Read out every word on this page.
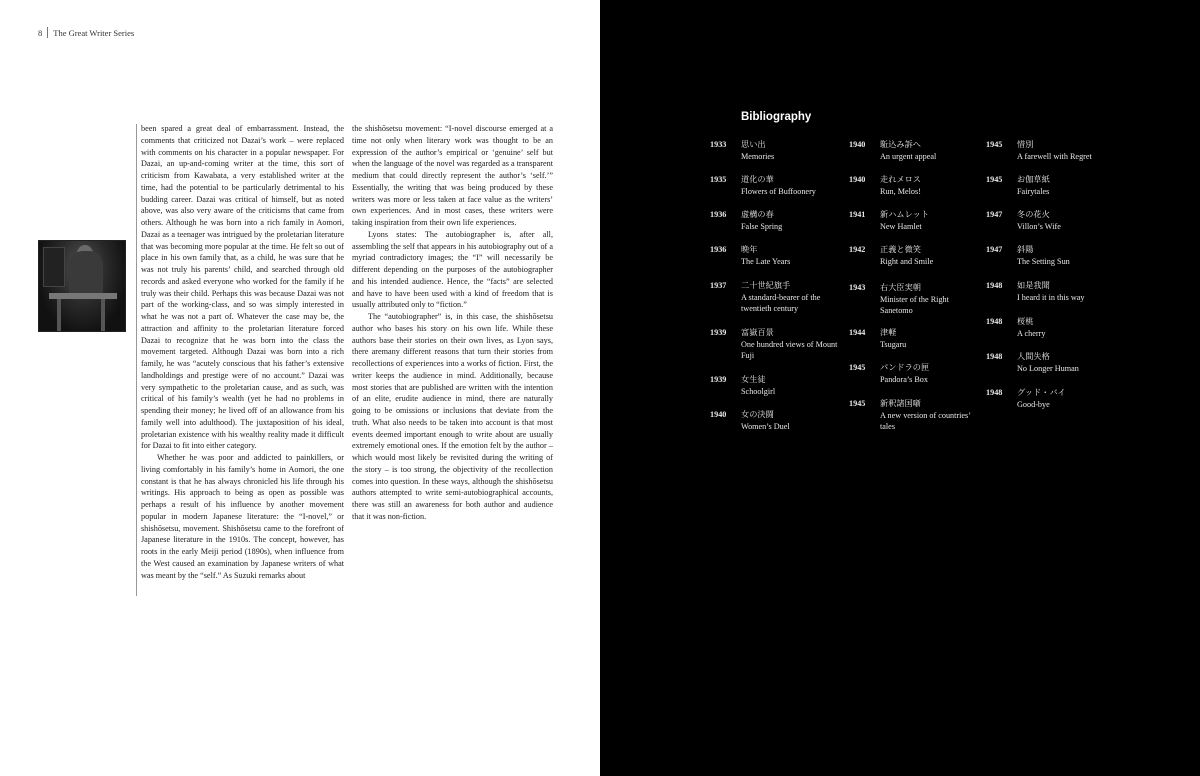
8 The Great Writer Series

been spared a great deal of embarrassment. Instead, the comments that criticized not Dazai’s work – were replaced with comments on his character in a popular newspaper. For Dazai, an up-and-coming writer at the time, this sort of criticism from Kawabata, a very established writer at the time, had the potential to be particularly detrimental to his budding career. Dazai was critical of himself, but as noted above, was also very aware of the criticisms that came from others. Although he was born into a rich family in Aomori, Dazai as a teenager was intrigued by the proletarian literature that was becoming more popular at the time. He felt so out of place in his own family that, as a child, he was sure that he was not truly his parents’ child, and searched through old records and asked everyone who worked for the family if he truly was their child. Perhaps this was because Dazai was not part of the working-class, and so was simply interested in what he was not a part of. Whatever the case may be, the attraction and affinity to the proletarian literature forced Dazai to recognize that he was born into the class the movement targeted. Although Dazai was born into a rich family, he was “acutely conscious that his father’s extensive landholdings and prestige were of no account.” Dazai was very sympathetic to the proletarian cause, and as such, was critical of his family’s wealth (yet he had no problems in spending their money; he lived off of an allowance from his family well into adulthood). The juxtaposition of his ideal, proletarian existence with his wealthy reality made it difficult for Dazai to fit into either category.

Whether he was poor and addicted to painkillers, or living comfortably in his family’s home in Aomori, the one constant is that he has always chronicled his life through his writings. His approach to being as open as possible was perhaps a result of his influence by another movement popular in modern Japanese literature: the “I-novel,” or shishōsetsu, movement. Shishōsetsu came to the forefront of Japanese literature in the 1910s. The concept, however, has roots in the early Meiji period (1890s), when influence from the West caused an examination by Japanese writers of what was meant by the “self.” As Suzuki remarks about

the shishōsetsu movement: “I-novel discourse emerged at a time not only when literary work was thought to be an expression of the author’s empirical or ‘genuine’ self but when the language of the novel was regarded as a transparent medium that could directly represent the author’s ‘self.’” Essentially, the writing that was being produced by these writers was more or less taken at face value as the writers’ own experiences. And in most cases, these writers were taking inspiration from their own life experiences.

Lyons states: The autobiographer is, after all, assembling the self that appears in his autobiography out of a myriad contradictory images; the “I” will necessarily be different depending on the purposes of the autobiographer and his intended audience. Hence, the “facts” are selected and have to have been used with a kind of freedom that is usually attributed only to “fiction.”

The “autobiographer” is, in this case, the shishōsetsu author who bases his story on his own life. While these authors base their stories on their own lives, as Lyon says, there aremany different reasons that turn their stories from recollections of experiences into a works of fiction. First, the writer keeps the audience in mind. Additionally, because most stories that are published are written with the intention of an elite, erudite audience in mind, there are naturally going to be omissions or inclusions that deviate from the truth. What also needs to be taken into account is that most events deemed important enough to write about are usually extremely emotional ones. If the emotion felt by the author – which would most likely be revisited during the writing of the story – is too strong, the objectivity of the recollection comes into question. In these ways, although the shishōsetsu authors attempted to write semi-autobiographical accounts, there was still an awareness for both author and audience that it was non-fiction.

Bibliography
1933	思い出
Memories
1935	道化の華
Flowers of Buffoonery
1936	虚構の春
False Spring
1936	晩年
The Late Years
1937	二十世紀旗手
A standard-bearer of the twentieth century
1939	富嶽百景
One hundred views of Mount Fuji
1939	女生徒
Schoolgirl
1940	女の決闘
Women’s Duel
1940	駈込み訴へ
An urgent appeal
1940	走れメロス
Run, Melos!
1941	新ハムレット
New Hamlet
1942	正義と微笑
Right and Smile
1943	右大臣実朝
Minister of the Right Sanetomo
1944	津軽
Tsugaru
1945	パンドラの匣
Pandora’s Box
1945	新釈諸国噺
A new version of countries’ tales
1945	惜別
A farewell with Regret
1945	お伽草紙
Fairytales
1947	冬の花火
Villon’s Wife
1947	斜陽
The Setting Sun
1948	如是我聞
I heard it in this way
1948	桜桃
A cherry
1948	人間失格
No Longer Human
1948	グッド・バイ
Good-bye
